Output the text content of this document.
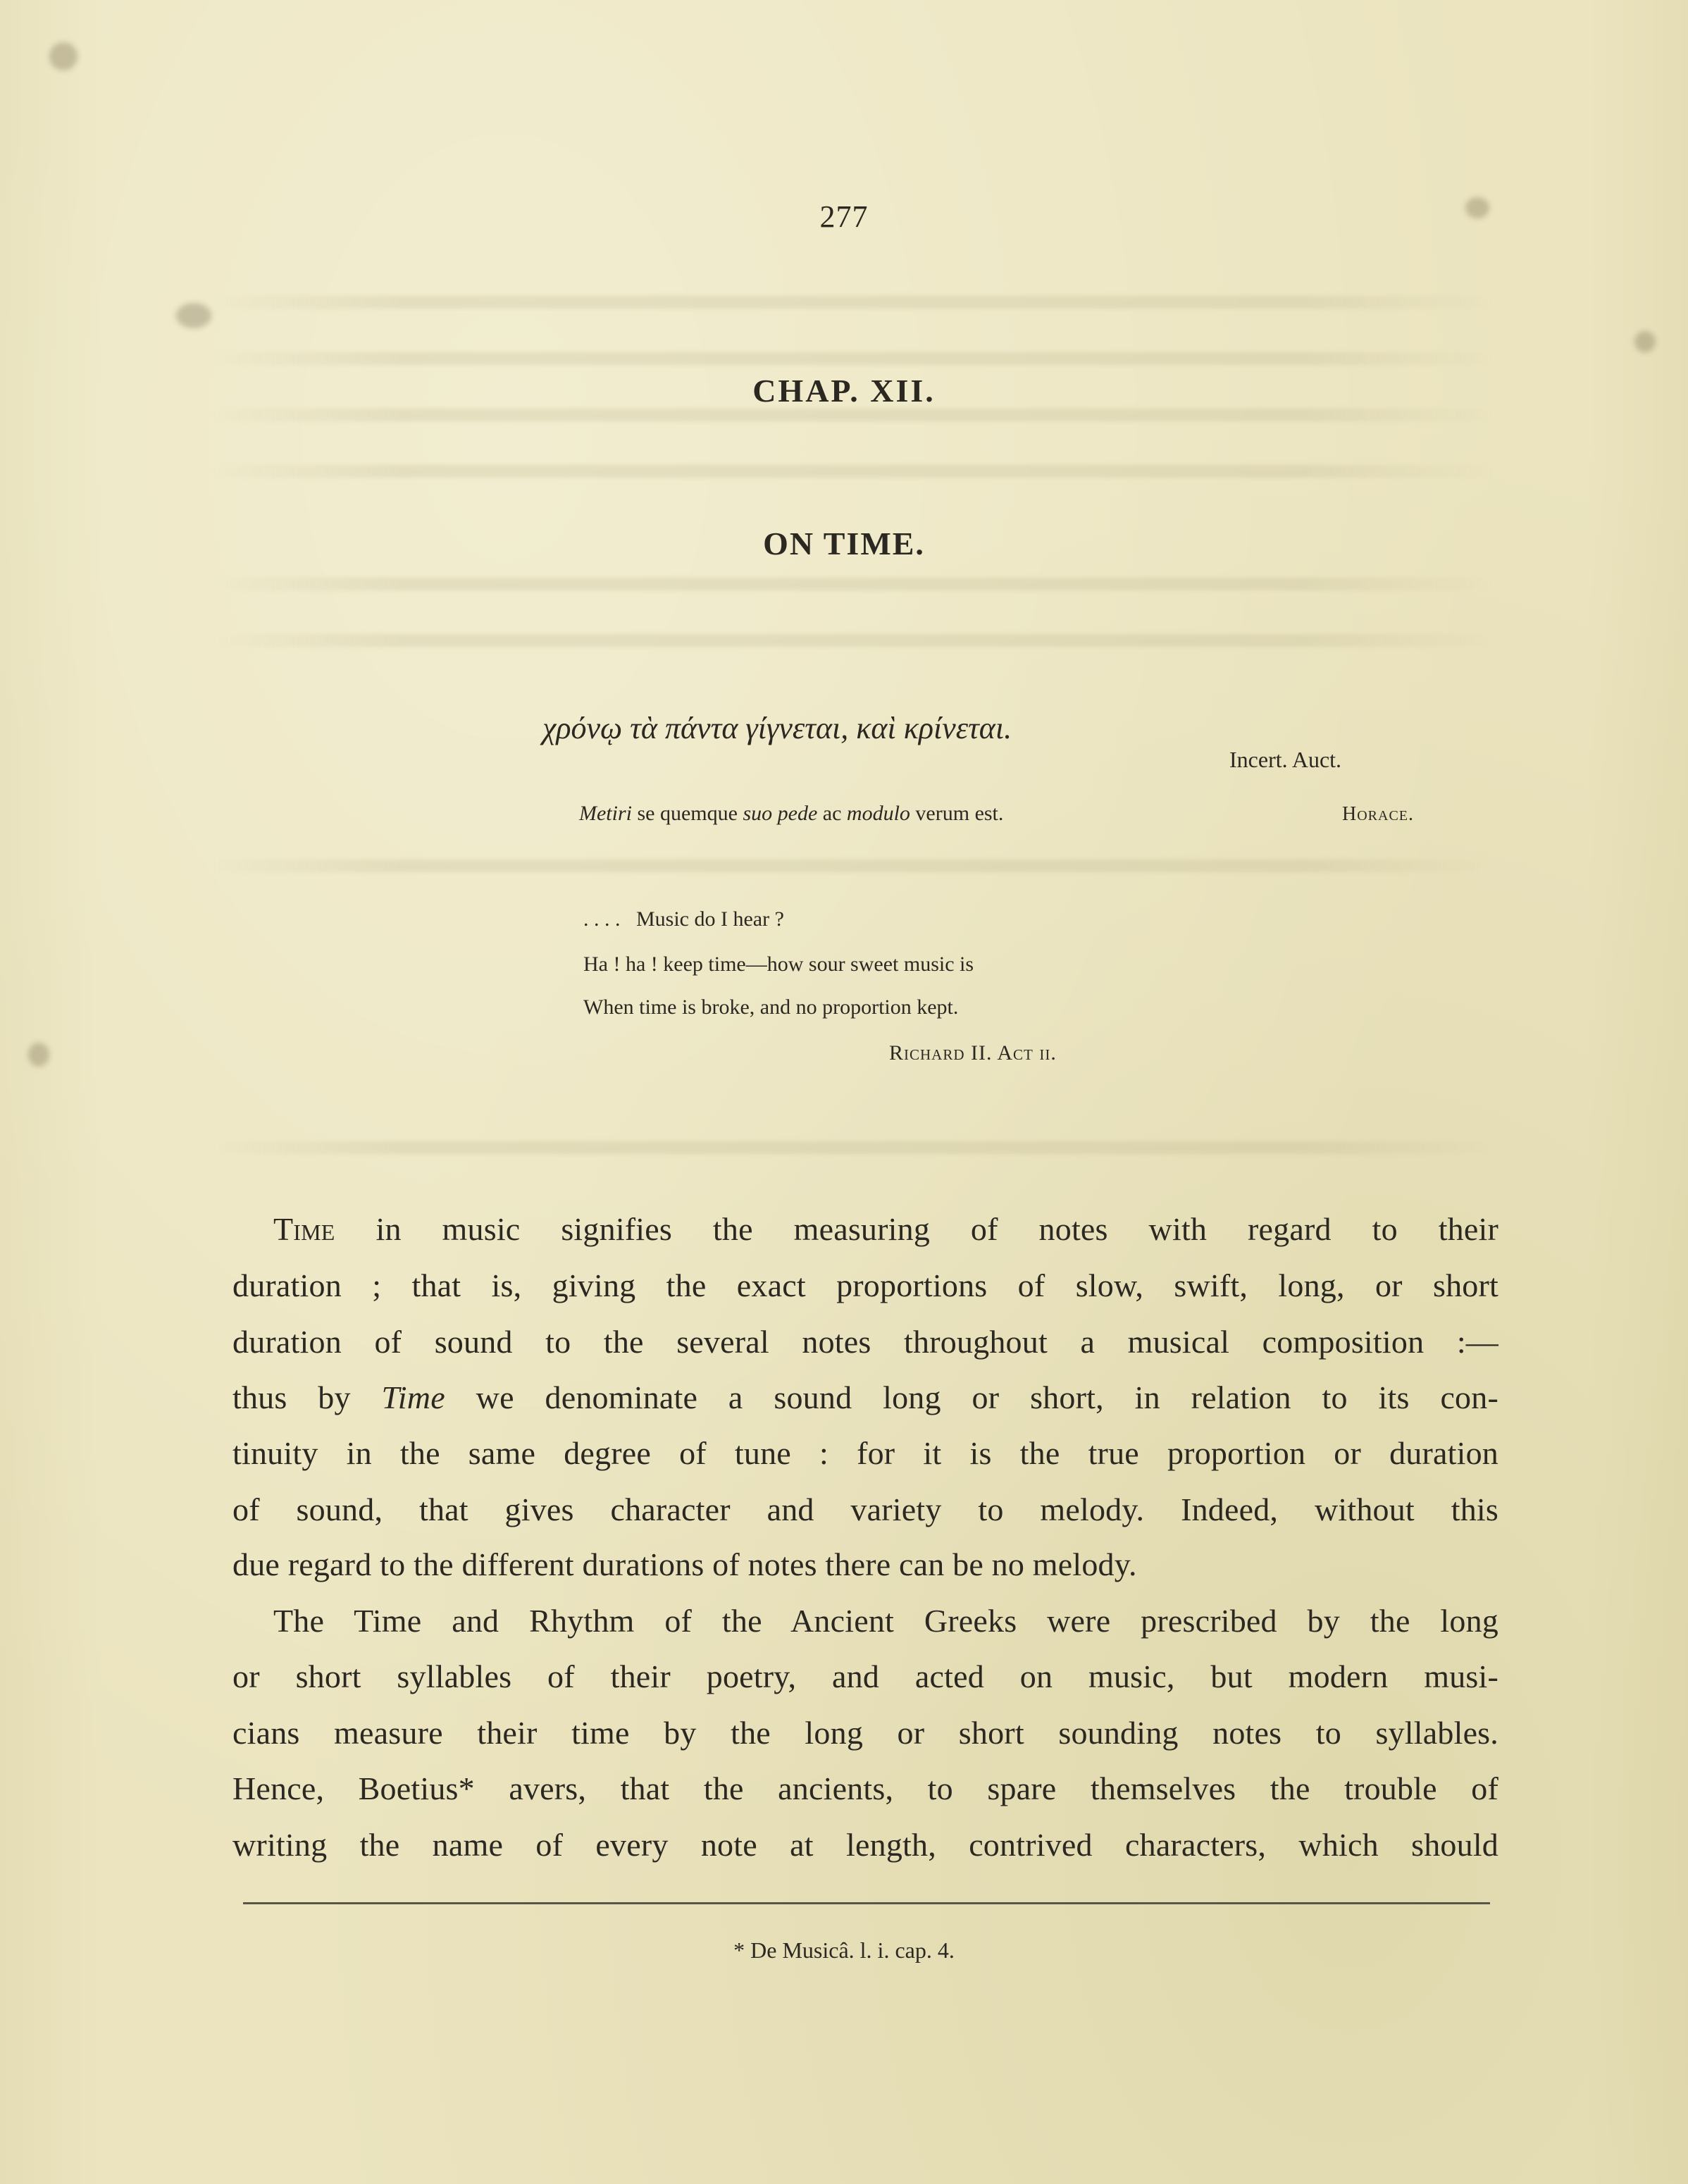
277
CHAP. XII.
ON TIME.
χρόνῳ τὰ πάντα γίγνεται, καὶ κρίνεται.
Incert. Auct.
Metiri se quemque suo pede ac modulo verum est.	Horace.
. . . .   Music do I hear ?
Ha ! ha ! keep time—how sour sweet music is
When time is broke, and no proportion kept.
Richard II. Act ii.
Time in music signifies the measuring of notes with regard to their
duration ; that is, giving the exact proportions of slow, swift, long, or short
duration of sound to the several notes throughout a musical composition :—
thus by Time we denominate a sound long or short, in relation to its con-
tinuity in the same degree of tune : for it is the true proportion or duration
of sound, that gives character and variety to melody. Indeed, without this
due regard to the different durations of notes there can be no melody.
The Time and Rhythm of the Ancient Greeks were prescribed by the long
or short syllables of their poetry, and acted on music, but modern musi-
cians measure their time by the long or short sounding notes to syllables.
Hence, Boetius* avers, that the ancients, to spare themselves the trouble of
writing the name of every note at length, contrived characters, which should
* De Musicâ. l. i. cap. 4.
